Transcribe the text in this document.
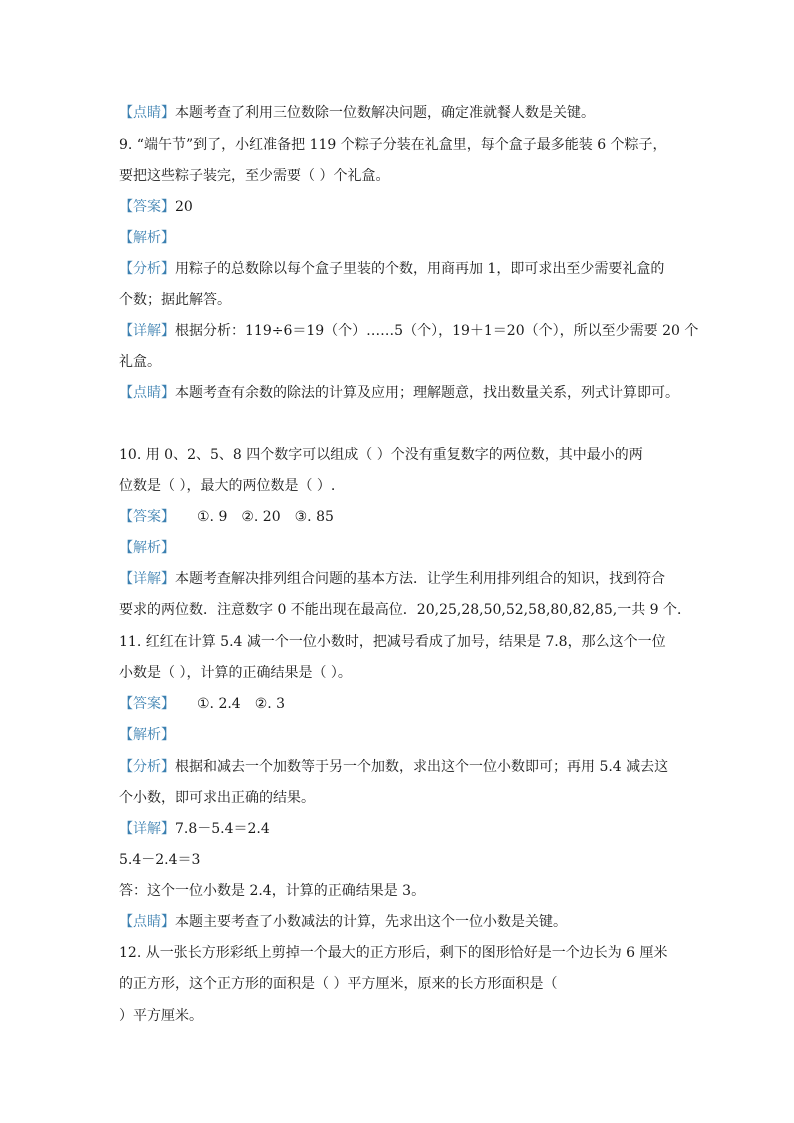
【点睛】本题考查了利用三位数除一位数解决问题，确定准就餐人数是关键。
9. “端午节”到了，小红准备把 119 个粽子分装在礼盒里，每个盒子最多能装 6 个粽子，
要把这些粽子装完，至少需要（ ）个礼盒。
【答案】20
【解析】
【分析】用粽子的总数除以每个盒子里装的个数，用商再加 1，即可求出至少需要礼盒的
个数；据此解答。
【详解】根据分析：119÷6＝19（个）……5（个），19＋1＝20（个），所以至少需要 20 个
礼盒。
【点睛】本题考查有余数的除法的计算及应用；理解题意，找出数量关系，列式计算即可。
10. 用 0、2、5、8 四个数字可以组成（ ）个没有重复数字的两位数，其中最小的两
位数是（ ），最大的两位数是（ ）.
【答案】 ①. 9 ②. 20 ③. 85
【解析】
【详解】本题考查解决排列组合问题的基本方法．让学生利用排列组合的知识，找到符合
要求的两位数．注意数字 0 不能出现在最高位．20,25,28,50,52,58,80,82,85,一共 9 个．
11. 红红在计算 5.4 减一个一位小数时，把减号看成了加号，结果是 7.8，那么这个一位
小数是（ ），计算的正确结果是（ ）。
【答案】 ①. 2.4 ②. 3
【解析】
【分析】根据和减去一个加数等于另一个加数，求出这个一位小数即可；再用 5.4 减去这
个小数，即可求出正确的结果。
【详解】7.8－5.4＝2.4
5.4－2.4＝3
答：这个一位小数是 2.4，计算的正确结果是 3。
【点睛】本题主要考查了小数减法的计算，先求出这个一位小数是关键。
12. 从一张长方形彩纸上剪掉一个最大的正方形后，剩下的图形恰好是一个边长为 6 厘米
的正方形，这个正方形的面积是（ ）平方厘米，原来的长方形面积是（
）平方厘米。
